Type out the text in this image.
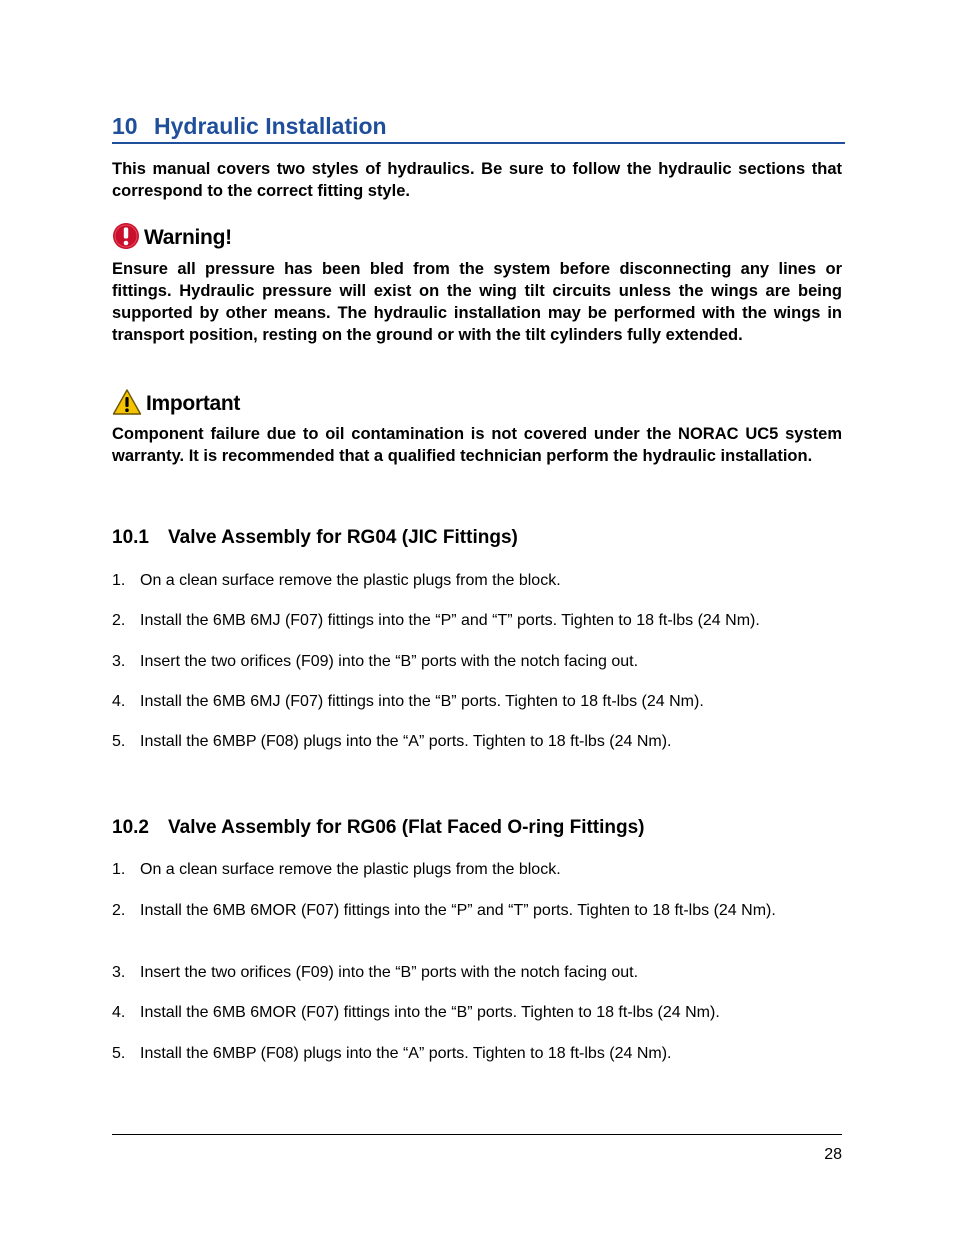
10 Hydraulic Installation

This manual covers two styles of hydraulics. Be sure to follow the hydraulic sections that correspond to the correct fitting style.

Warning!

Ensure all pressure has been bled from the system before disconnecting any lines or fittings. Hydraulic pressure will exist on the wing tilt circuits unless the wings are being supported by other means. The hydraulic installation may be performed with the wings in transport position, resting on the ground or with the tilt cylinders fully extended.

Important

Component failure due to oil contamination is not covered under the NORAC UC5 system warranty. It is recommended that a qualified technician perform the hydraulic installation.

10.1 Valve Assembly for RG04 (JIC Fittings)
1. On a clean surface remove the plastic plugs from the block.
2. Install the 6MB 6MJ (F07) fittings into the “P” and “T” ports. Tighten to 18 ft-lbs (24 Nm).
3. Insert the two orifices (F09) into the “B” ports with the notch facing out.
4. Install the 6MB 6MJ (F07) fittings into the “B” ports. Tighten to 18 ft-lbs (24 Nm).
5. Install the 6MBP (F08) plugs into the “A” ports. Tighten to 18 ft-lbs (24 Nm).
10.2 Valve Assembly for RG06 (Flat Faced O-ring Fittings)
1. On a clean surface remove the plastic plugs from the block.
2. Install the 6MB 6MOR (F07) fittings into the “P” and “T” ports. Tighten to 18 ft-lbs (24 Nm).
3. Insert the two orifices (F09) into the “B” ports with the notch facing out.
4. Install the 6MB 6MOR (F07) fittings into the “B” ports. Tighten to 18 ft-lbs (24 Nm).
5. Install the 6MBP (F08) plugs into the “A” ports. Tighten to 18 ft-lbs (24 Nm).
28
